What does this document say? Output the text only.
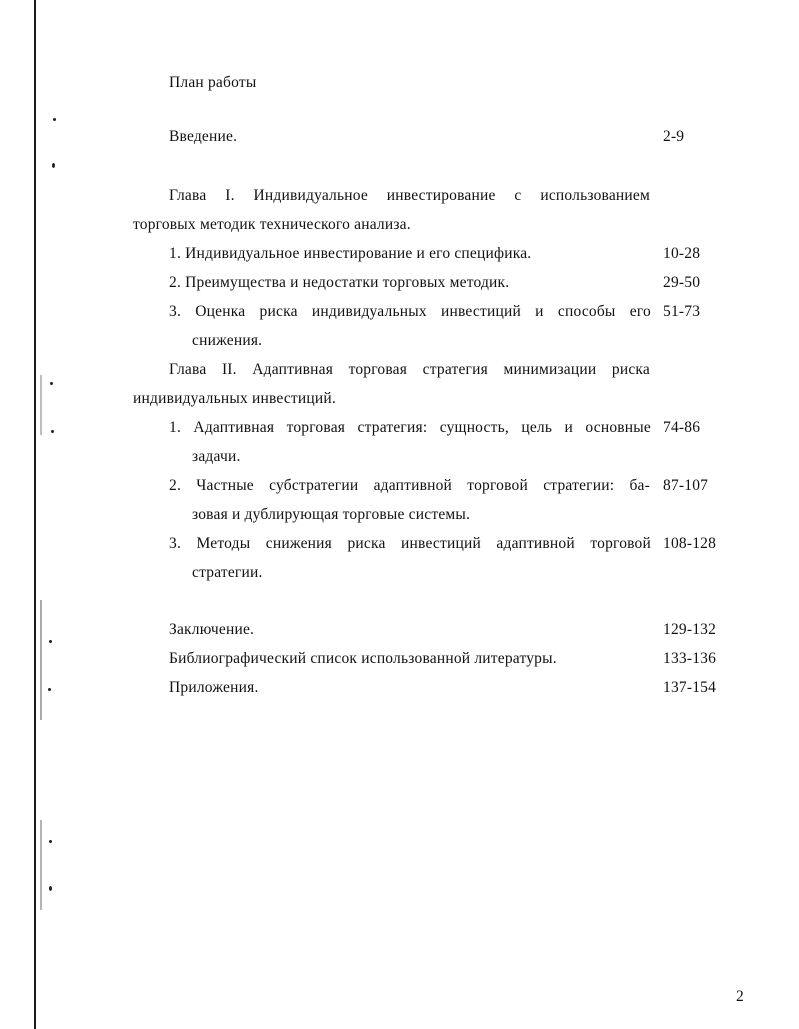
План работы
Введение.	2-9
Глава I. Индивидуальное инвестирование с использованием
торговых методик технического анализа.
1. Индивидуальное инвестирование и его специфика.	10-28
2. Преимущества и недостатки торговых методик.	29-50
3. Оценка риска индивидуальных инвестиций и способы его 51-73
снижения.
Глава II. Адаптивная торговая стратегия минимизации риска
индивидуальных инвестиций.
1. Адаптивная торговая стратегия: сущность, цель и основные 74-86
задачи.
2. Частные субстратегии адаптивной торговой стратегии: ба- 87-107
зовая и дублирующая торговые системы.
3. Методы снижения риска инвестиций адаптивной торговой 108-128
стратегии.
Заключение.	129-132
Библиографический список использованной литературы.	133-136
Приложения.	137-154
2
